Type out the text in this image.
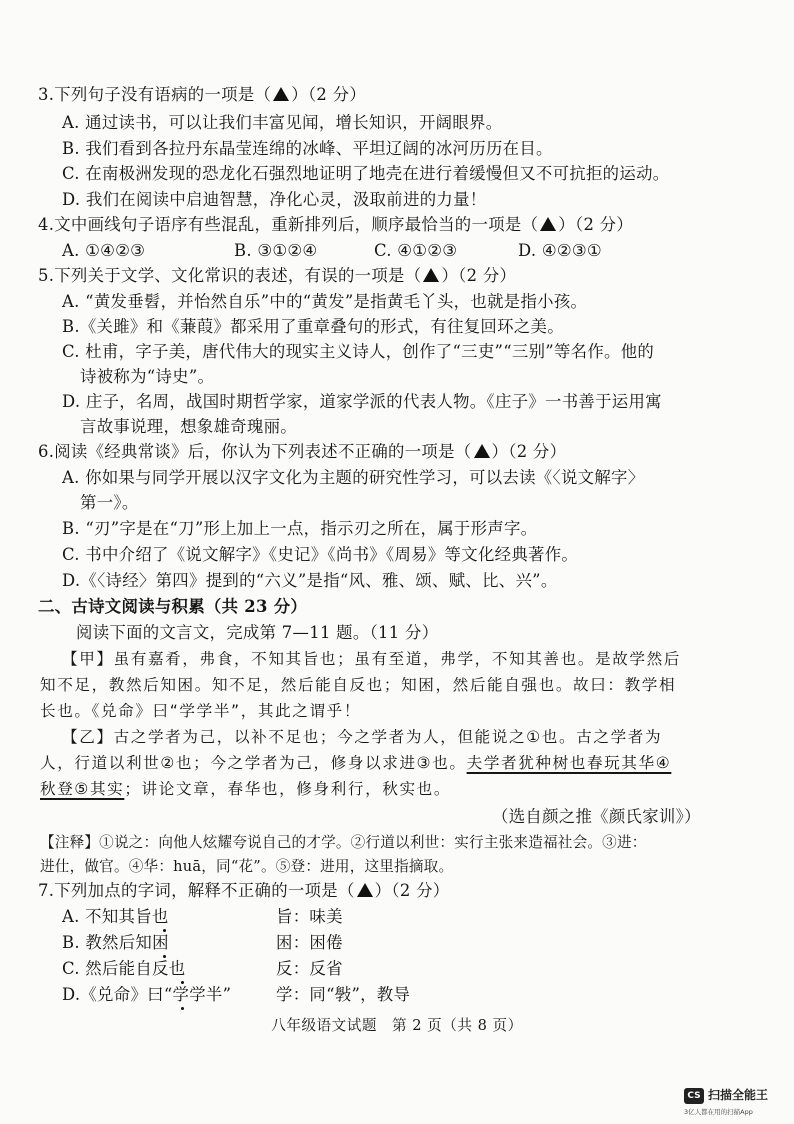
3.下列句子没有语病的一项是（ ）（2 分）
A. 通过读书，可以让我们丰富见闻，增长知识，开阔眼界。
B. 我们看到各拉丹东晶莹连绵的冰峰、平坦辽阔的冰河历历在目。
C. 在南极洲发现的恐龙化石强烈地证明了地壳在进行着缓慢但又不可抗拒的运动。
D. 我们在阅读中启迪智慧，净化心灵，汲取前进的力量！
4.文中画线句子语序有些混乱，重新排列后，顺序最恰当的一项是（ ）（2 分）
A. ①④②③	B. ③①②④	C. ④①②③	D. ④②③①
5.下列关于文学、文化常识的表述，有误的一项是（ ）（2 分）
A. “黄发垂髫，并怡然自乐”中的“黄发”是指黄毛丫头，也就是指小孩。
B.《关雎》和《蒹葭》都采用了重章叠句的形式，有往复回环之美。
C. 杜甫，字子美，唐代伟大的现实主义诗人，创作了“三吏”“三别”等名作。他的
诗被称为“诗史”。
D. 庄子，名周，战国时期哲学家，道家学派的代表人物。《庄子》一书善于运用寓
言故事说理，想象雄奇瑰丽。
6.阅读《经典常谈》后，你认为下列表述不正确的一项是（ ）（2 分）
A. 你如果与同学开展以汉字文化为主题的研究性学习，可以去读《〈说文解字〉
第一》。
B. “刃”字是在“刀”形上加上一点，指示刃之所在，属于形声字。
C. 书中介绍了《说文解字》《史记》《尚书》《周易》等文化经典著作。
D.《〈诗经〉第四》提到的“六义”是指“风、雅、颂、赋、比、兴”。
二、古诗文阅读与积累（共 23 分）
阅读下面的文言文，完成第 7—11 题。（11 分）
【甲】虽有嘉肴，弗食，不知其旨也；虽有至道，弗学，不知其善也。是故学然后
知不足，教然后知困。知不足，然后能自反也；知困，然后能自强也。故曰：教学相
长也。《兑命》曰“学学半”，其此之谓乎！
【乙】古之学者为己，以补不足也；今之学者为人，但能说之①也。古之学者为
人，行道以利世②也；今之学者为己，修身以求进③也。夫学者犹种树也春玩其华④
秋登⑤其实；讲论文章，春华也，修身利行，秋实也。
（选自颜之推《颜氏家训》）
【注释】①说之：向他人炫耀夸说自己的才学。②行道以利世：实行主张来造福社会。③进：
进仕，做官。④华：huā，同“花”。⑤登：进用，这里指摘取。
7.下列加点的字词，解释不正确的一项是（ ）（2 分）
A. 不知其旨也	旨：味美
B. 教然后知困	困：困倦
C. 然后能自反也	反：反省
D.《兑命》曰“学学半”	学：同“斅”，教导
八年级语文试题　第 2 页（共 8 页）
CS 扫描全能王
3亿人都在用的扫描App
